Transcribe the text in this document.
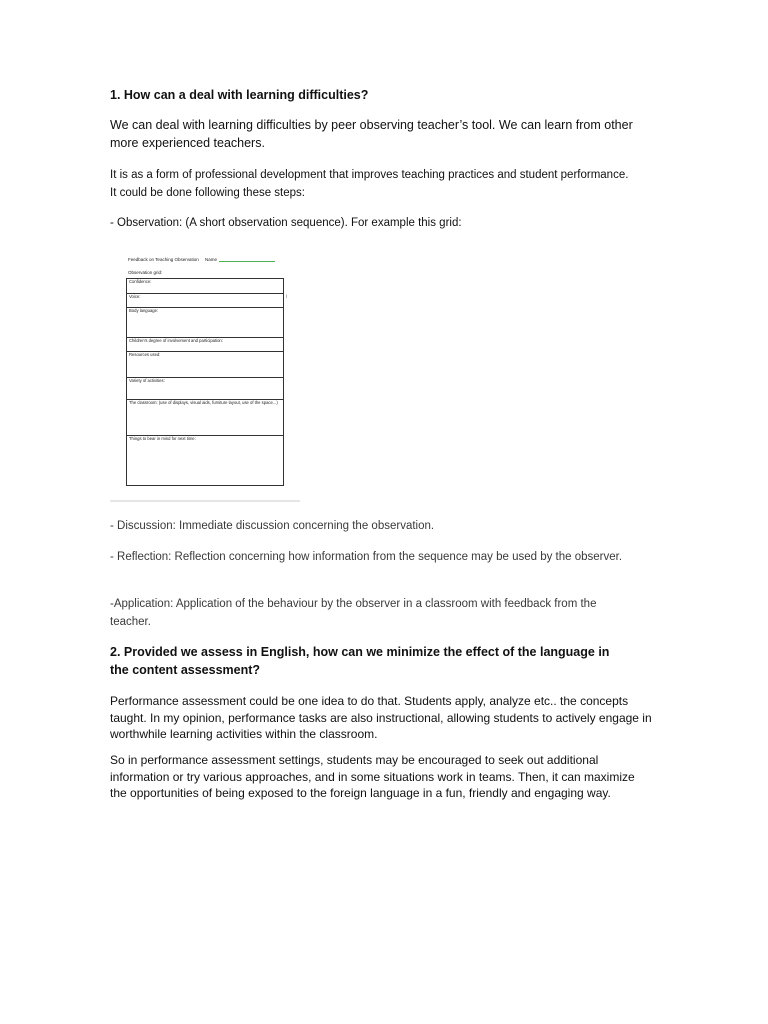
1. How can a deal with learning difficulties?

We can deal with learning difficulties by peer observing teacher’s tool. We can learn from other more experienced teachers.

It is as a form of professional development that improves teaching practices and student performance. It could be done following these steps:

- Observation: (A short observation sequence). For example this grid:

Feedback on Teaching Observation Name
Observation grid:
Confidence:
Voice:
Body language:
Children's degree of involvement and participation:
Resources used:
Variety of activities:
The classroom: (use of displays, visual aids, furniture layout, use of the space...)
Things to bear in mind for next time:
|

- Discussion: Immediate discussion concerning the observation.

- Reflection: Reflection concerning how information from the sequence may be used by the observer.

-Application: Application of the behaviour by the observer in a classroom with feedback from the teacher.

2. Provided we assess in English, how can we minimize the effect of the language in the content assessment?

Performance assessment could be one idea to do that. Students apply, analyze etc.. the concepts taught. In my opinion, performance tasks are also instructional, allowing students to actively engage in worthwhile learning activities within the classroom.

So in performance assessment settings, students may be encouraged to seek out additional information or try various approaches, and in some situations work in teams. Then, it can maximize the opportunities of being exposed to the foreign language in a fun, friendly and engaging way.
